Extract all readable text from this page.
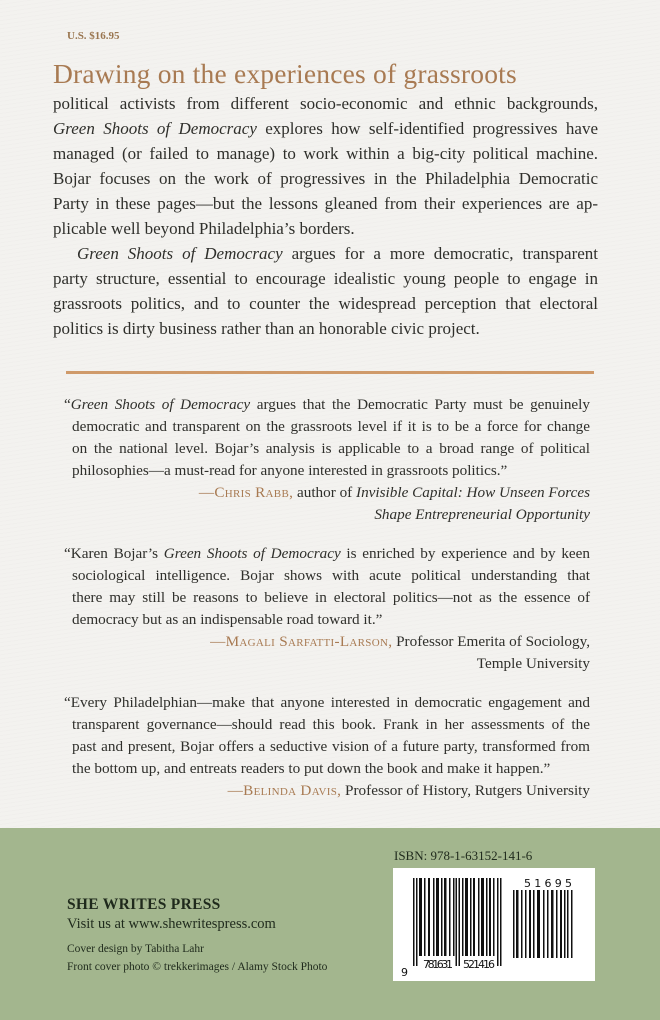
U.S. $16.95
Drawing on the experiences of grassroots

political activists from different socio-economic and ethnic backgrounds,
Green Shoots of Democracy explores how self-identified progressives have
managed (or failed to manage) to work within a big-city political machine.
Bojar focuses on the work of progressives in the Philadelphia Democratic
Party in these pages—but the lessons gleaned from their experiences are ap-
plicable well beyond Philadelphia’s borders.

Green Shoots of Democracy argues for a more democratic, transparent
party structure, essential to encourage idealistic young people to engage in
grassroots politics, and to counter the widespread perception that electoral
politics is dirty business rather than an honorable civic project.

“Green Shoots of Democracy argues that the Democratic Party must be genuinely
democratic and transparent on the grassroots level if it is to be a force for change
on the national level. Bojar’s analysis is applicable to a broad range of political
philosophies—a must-read for anyone interested in grassroots politics.”

—Chris Rabb, author of Invisible Capital: How Unseen Forces
Shape Entrepreneurial Opportunity

“Karen Bojar’s Green Shoots of Democracy is enriched by experience and by keen
sociological intelligence. Bojar shows with acute political understanding that
there may still be reasons to believe in electoral politics—not as the essence of
democracy but as an indispensable road toward it.”

—Magali Sarfatti-Larson, Professor Emerita of Sociology,
Temple University

“Every Philadelphian—make that anyone interested in democratic engagement and
transparent governance—should read this book. Frank in her assessments of the
past and present, Bojar offers a seductive vision of a future party, transformed from
the bottom up, and entreats readers to put down the book and make it happen.”

—Belinda Davis, Professor of History, Rutgers University

SHE WRITES PRESS
Visit us at www.shewritespress.com
Cover design by Tabitha Lahr
Front cover photo © trekkerimages / Alamy Stock Photo
ISBN: 978-1-63152-141-6
9
781631 521416
51695
